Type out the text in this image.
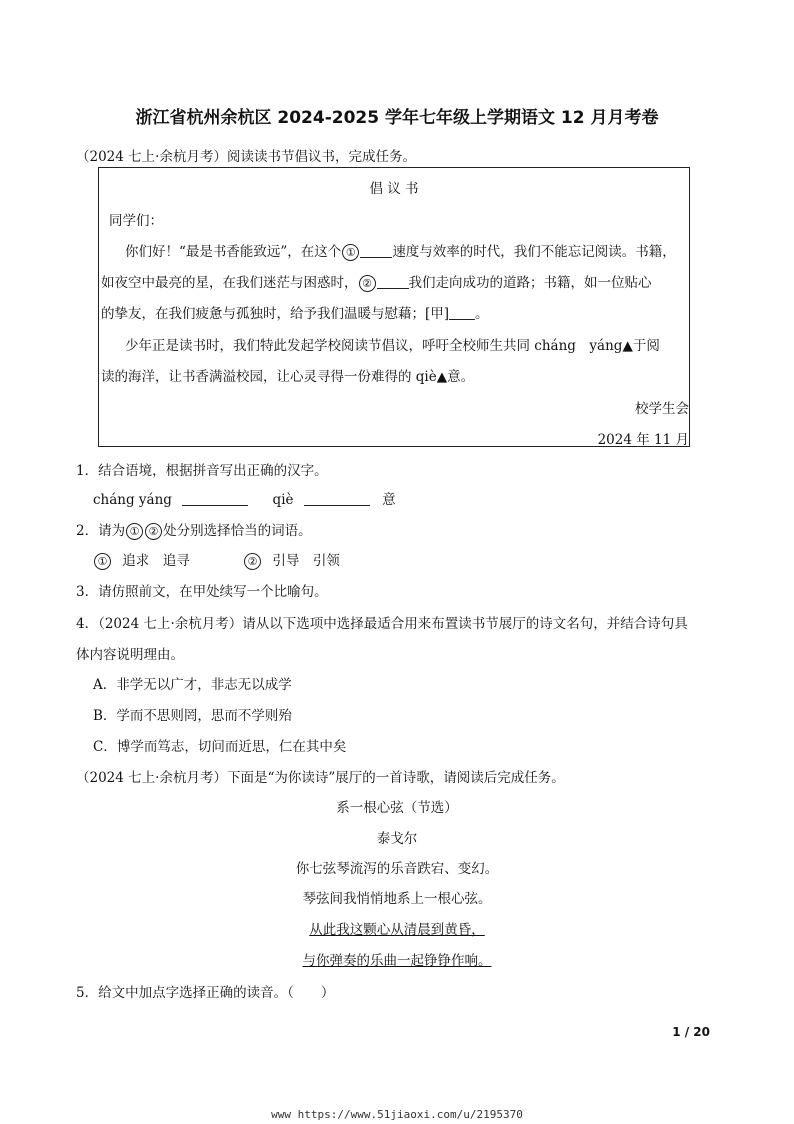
浙江省杭州余杭区 2024-2025 学年七年级上学期语文 12 月月考卷
（2024 七上·余杭月考）阅读读书节倡议书，完成任务。
倡 议 书
同学们：
你们好！“最是书香能致远”，在这个 ①	速度与效率的时代，我们不能忘记阅读。书籍，
如夜空中最亮的星，在我们迷茫与困惑时， ②	我们走向成功的道路；书籍，如一位贴心
的挚友，在我们疲惫与孤独时，给予我们温暖与慰藉；[甲] 。
少年正是读书时，我们特此发起学校阅读节倡议，呼吁全校师生共同 cháng　yáng▲于阅
读的海洋，让书香满溢校园，让心灵寻得一份难得的 qiè▲意。
校学生会
2024 年 11 月
1．结合语境，根据拼音写出正确的汉字。
cháng yáng	qiè	意
2．请为 ① ② 处分别选择恰当的词语。
① 追求　追寻	② 引导　引领
3．请仿照前文，在甲处续写一个比喻句。
4．（2024 七上·余杭月考）请从以下选项中选择最适合用来布置读书节展厅的诗文名句，并结合诗句具
体内容说明理由。
A．非学无以广才，非志无以成学
B．学而不思则罔，思而不学则殆
C．博学而笃志，切问而近思，仁在其中矣
（2024 七上·余杭月考）下面是“为你读诗”展厅的一首诗歌，请阅读后完成任务。
系一根心弦（节选）
泰戈尔
你七弦琴流泻的乐音跌宕、变幻。
琴弦间我悄悄地系上一根心弦。
从此我这颗心从清晨到黄昏，
与你弹奏的乐曲一起铮铮作响。
5．给文中加点字选择正确的读音。（　　）
1 / 20
www https://www.51jiaoxi.com/u/2195370
